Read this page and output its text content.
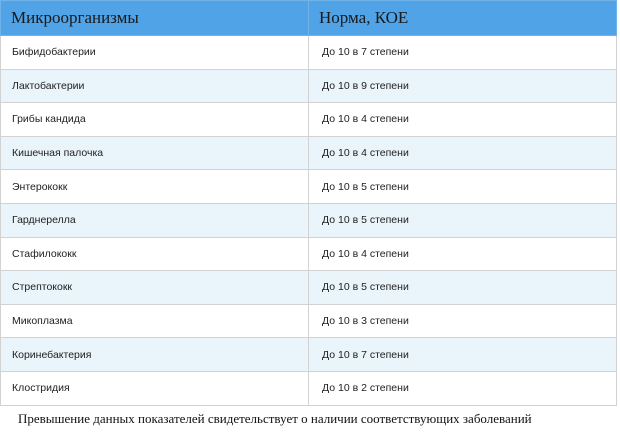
Микроорганизмы	Норма, КОЕ
Бифидобактерии	До 10 в 7 степени
Лактобактерии	До 10 в 9 степени
Грибы кандида	До 10 в 4 степени
Кишечная палочка	До 10 в 4 степени
Энтерококк	До 10 в 5 степени
Гарднерелла	До 10 в 5 степени
Стафилококк	До 10 в 4 степени
Стрептококк	До 10 в 5 степени
Микоплазма	До 10 в 3 степени
Коринебактерия	До 10 в 7 степени
Клостридия	До 10 в 2 степени
Превышение данных показателей свидетельствует о наличии соответствующих заболеваний
